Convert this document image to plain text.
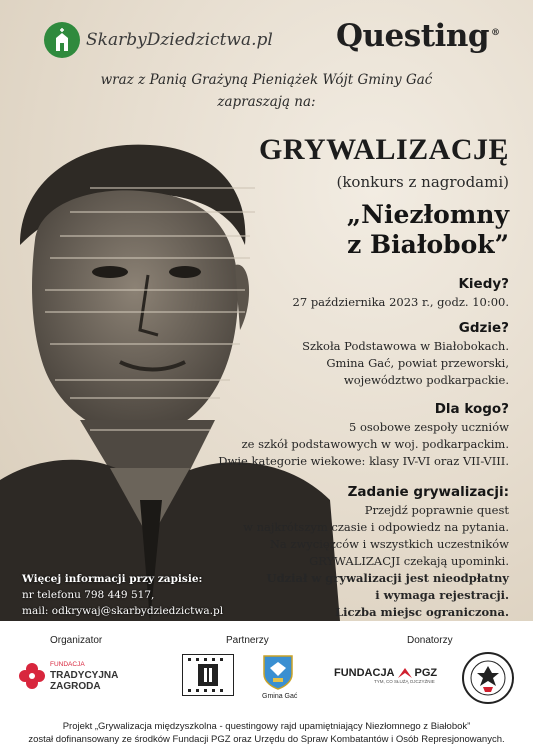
SkarbyDziedzictwa.pl Questing ®
wraz z Panią Grażyną Pieniążek Wójt Gminy Gać
zapraszają na:
GRYWALIZACJĘ
(konkurs z nagrodami)
„Niezłomny
z Białobok”
Kiedy?
27 października 2023 r., godz. 10:00.
Gdzie?
Szkoła Podstawowa w Białobokach.
Gmina Gać, powiat przeworski,
województwo podkarpackie.
Dla kogo?
5 osobowe zespoły uczniów
ze szkół podstawowych w woj. podkarpackim.
Dwie kategorie wiekowe: klasy IV-VI oraz VII-VIII.
Zadanie grywalizacji:
Przejdź poprawnie quest
w najkrótszym czasie i odpowiedz na pytania.
Na zwycięzców i wszystkich uczestników
GRYWALIZACJI czekają upominki.
Udział w grywalizacji jest nieodpłatny
i wymaga rejestracji.
Liczba miejsc ograniczona.
Więcej informacji przy zapisie:
nr telefonu 798 449 517,
mail: odkrywaj@skarbydziedzictwa.pl
Organizator	Partnerzy	Donatorzy
FUNDACJA
TRADYCYJNA
ZAGRODA
Gmina Gać
FUNDACJA PGZ
TYM, CO SŁUŻĄ OJCZYŹNIE
Projekt „Grywalizacja międzyszkolna - questingowy rajd upamiętniający Niezłomnego z Białobok”
został dofinansowany ze środków Fundacji PGZ oraz Urzędu do Spraw Kombatantów i Osób Represjonowanych.
